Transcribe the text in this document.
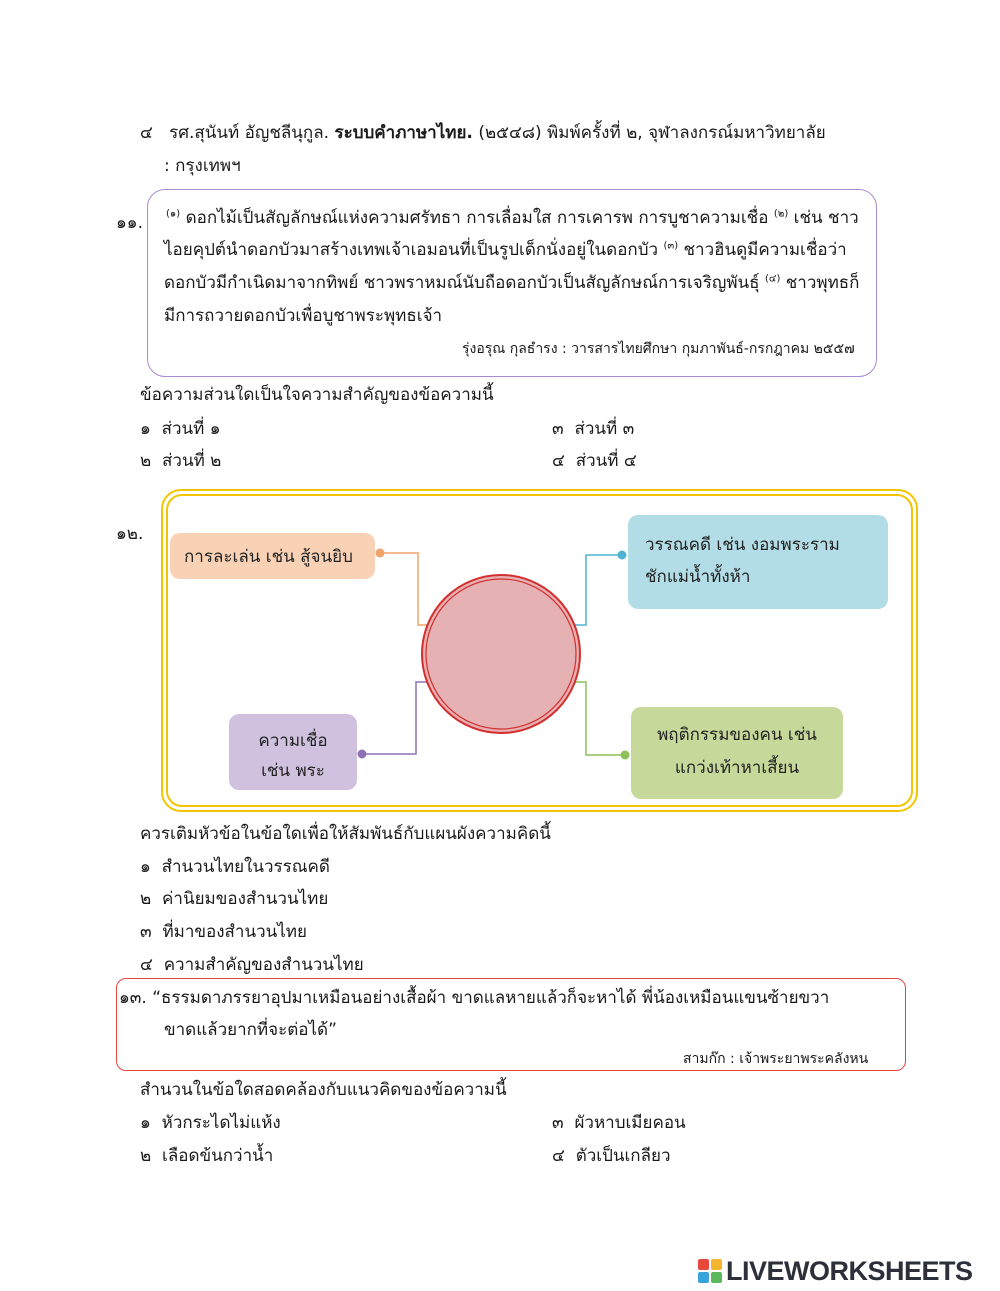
๔ รศ.สุนันท์ อัญชลีนุกูล. ระบบคำภาษาไทย. (๒๕๔๘) พิมพ์ครั้งที่ ๒, จุฬาลงกรณ์มหาวิทยาลัย
: กรุงเทพฯ
๑๑. $^{(๑)}$ ดอกไม้เป็นสัญลักษณ์แห่งความศรัทธา การเลื่อมใส การเคารพ การบูชาความเชื่อ $^{(๒)}$ เช่น ชาว
ไอยคุปต์นำดอกบัวมาสร้างเทพเจ้าเอมอนที่เป็นรูปเด็กนั่งอยู่ในดอกบัว $^{(๓)}$ ชาวฮินดูมีความเชื่อว่า
ดอกบัวมีกำเนิดมาจากทิพย์ ชาวพราหมณ์นับถือดอกบัวเป็นสัญลักษณ์การเจริญพันธุ์ $^{(๔)}$ ชาวพุทธก็
มีการถวายดอกบัวเพื่อบูชาพระพุทธเจ้า
รุ่งอรุณ กุลธำรง : วารสารไทยศึกษา กุมภาพันธ์-กรกฎาคม ๒๕๕๗
ข้อความส่วนใดเป็นใจความสำคัญของข้อความนี้
๑ ส่วนที่ ๑
๒ ส่วนที่ ๒
๓ ส่วนที่ ๓
๔ ส่วนที่ ๔
๑๒.
การละเล่น เช่น สู้จนยิบ
วรรณคดี เช่น งอมพระราม
ชักแม่น้ำทั้งห้า
ความเชื่อ
เช่น พระ
พฤติกรรมของคน เช่น
แกว่งเท้าหาเสี้ยน
ควรเติมหัวข้อในข้อใดเพื่อให้สัมพันธ์กับแผนผังความคิดนี้
๑ สำนวนไทยในวรรณคดี
๒ ค่านิยมของสำนวนไทย
๓ ที่มาของสำนวนไทย
๔ ความสำคัญของสำนวนไทย
๑๓. “ธรรมดาภรรยาอุปมาเหมือนอย่างเสื้อผ้า ขาดแลหายแล้วก็จะหาได้ พี่น้องเหมือนแขนซ้ายขวา
ขาดแล้วยากที่จะต่อได้”
สามก๊ก : เจ้าพระยาพระคลังหน
สำนวนในข้อใดสอดคล้องกับแนวคิดของข้อความนี้
๑ หัวกระไดไม่แห้ง
๒ เลือดข้นกว่าน้ำ
๓ ผัวหาบเมียคอน
๔ ตัวเป็นเกลียว
LIVEWORKSHEETS
